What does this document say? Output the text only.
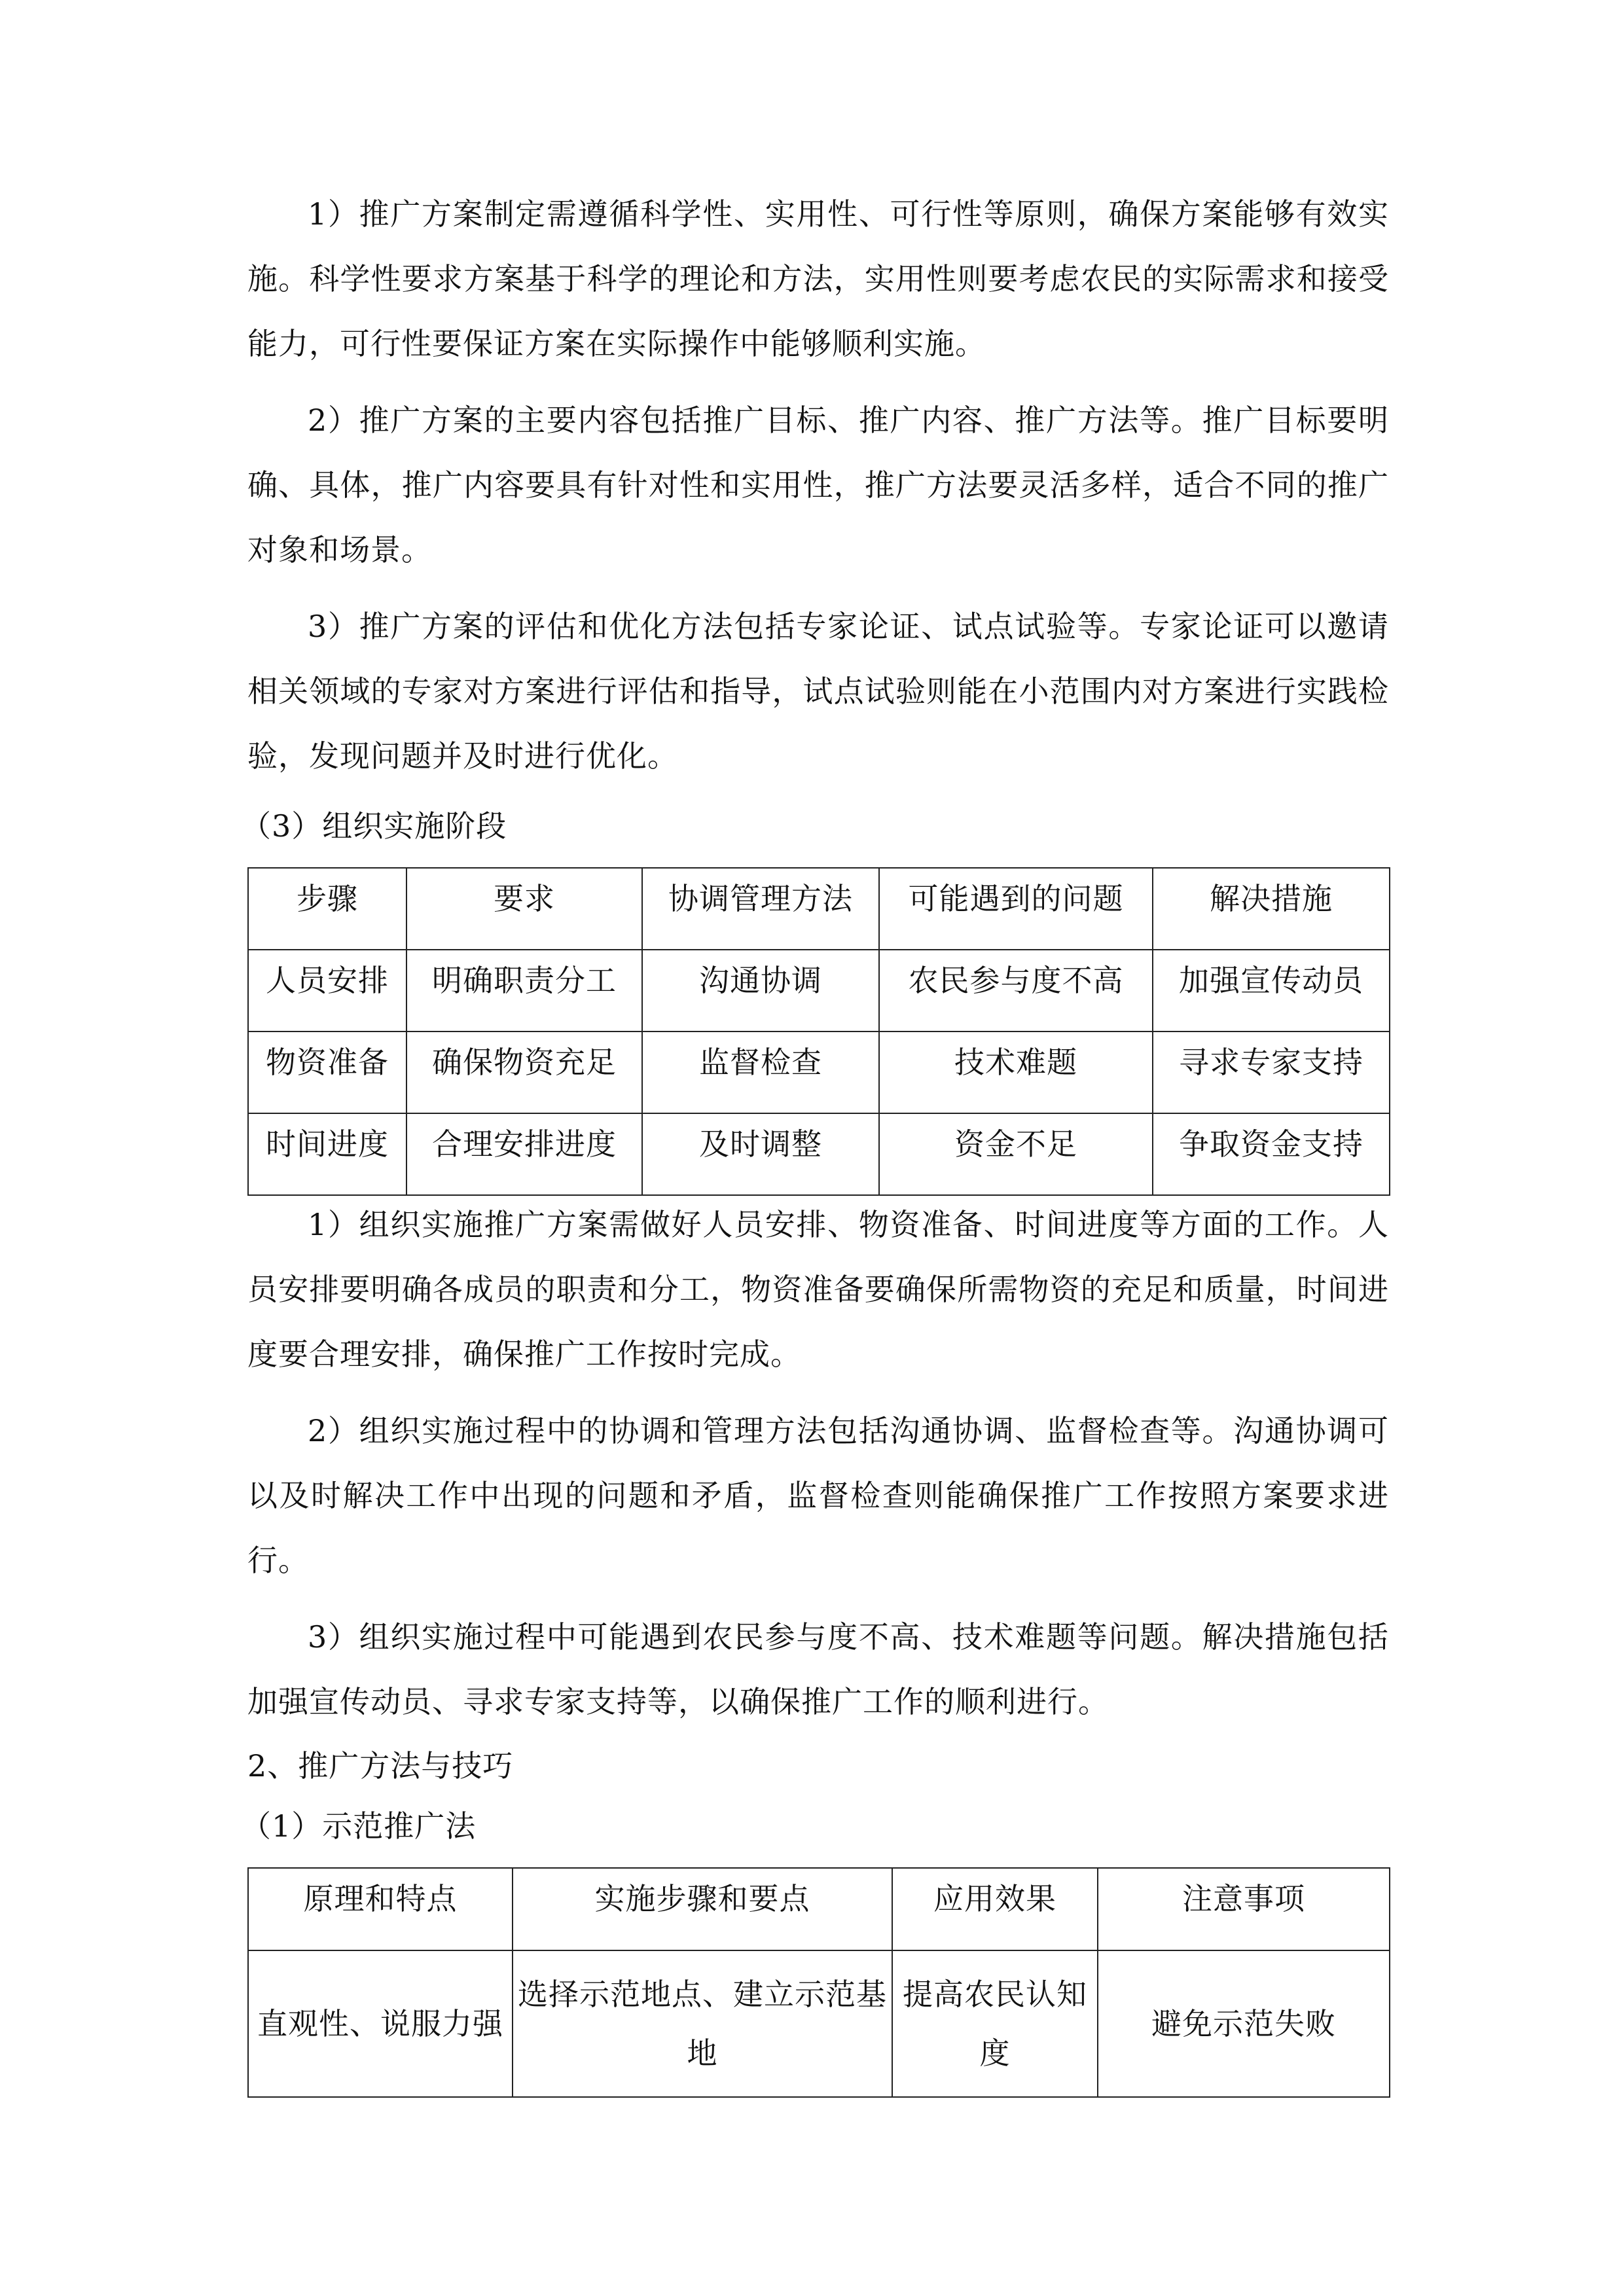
1）推广方案制定需遵循科学性、实用性、可行性等原则，确保方案能够有效实施。科学性要求方案基于科学的理论和方法，实用性则要考虑农民的实际需求和接受能力，可行性要保证方案在实际操作中能够顺利实施。

2）推广方案的主要内容包括推广目标、推广内容、推广方法等。推广目标要明确、具体，推广内容要具有针对性和实用性，推广方法要灵活多样，适合不同的推广对象和场景。

3）推广方案的评估和优化方法包括专家论证、试点试验等。专家论证可以邀请相关领域的专家对方案进行评估和指导，试点试验则能在小范围内对方案进行实践检验，发现问题并及时进行优化。

（3）组织实施阶段

步骤	要求	协调管理方法	可能遇到的问题	解决措施
人员安排	明确职责分工	沟通协调	农民参与度不高	加强宣传动员
物资准备	确保物资充足	监督检查	技术难题	寻求专家支持
时间进度	合理安排进度	及时调整	资金不足	争取资金支持

1）组织实施推广方案需做好人员安排、物资准备、时间进度等方面的工作。人员安排要明确各成员的职责和分工，物资准备要确保所需物资的充足和质量，时间进度要合理安排，确保推广工作按时完成。

2）组织实施过程中的协调和管理方法包括沟通协调、监督检查等。沟通协调可以及时解决工作中出现的问题和矛盾，监督检查则能确保推广工作按照方案要求进行。

3）组织实施过程中可能遇到农民参与度不高、技术难题等问题。解决措施包括加强宣传动员、寻求专家支持等，以确保推广工作的顺利进行。

2、推广方法与技巧

（1）示范推广法

原理和特点	实施步骤和要点	应用效果	注意事项
直观性、说服力强	选择示范地点、建立示范基地	提高农民认知度	避免示范失败
